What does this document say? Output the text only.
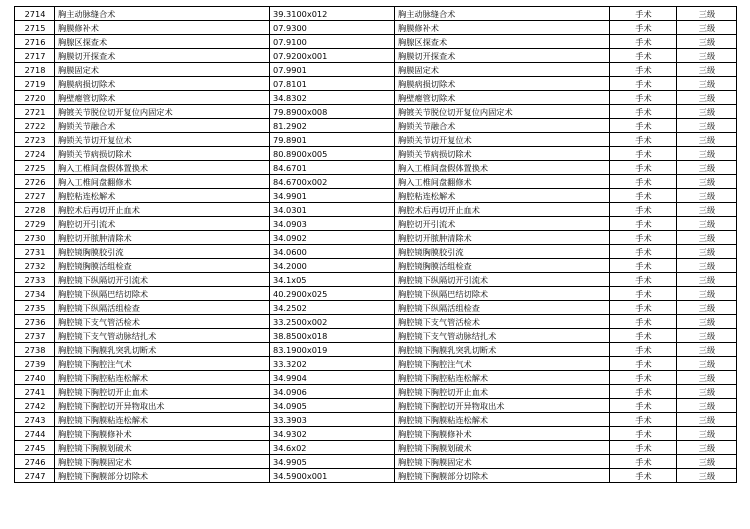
2714	胸主动脉缝合术	39.3100x012	胸主动脉缝合术	手术	三级
2715	胸膜修补术	07.9300	胸膜修补术	手术	三级
2716	胸腺区探查术	07.9100	胸腺区探查术	手术	三级
2717	胸膜切开探查术	07.9200x001	胸膜切开探查术	手术	三级
2718	胸膜固定术	07.9901	胸膜固定术	手术	三级
2719	胸膜病损切除术	07.8101	胸膜病损切除术	手术	三级
2720	胸壁瘪管切除术	34.8302	胸壁瘪管切除术	手术	三级
2721	胸镀关节脱位切开复位内固定术	79.8900x008	胸镀关节脱位切开复位内固定术	手术	三级
2722	胸锁关节融合术	81.2902	胸锁关节融合术	手术	三级
2723	胸锁关节切开复位术	79.8901	胸锁关节切开复位术	手术	三级
2724	胸锁关节病损切除术	80.8900x005	胸锁关节病损切除术	手术	三级
2725	胸入工椎间盘假体置换术	84.6701	胸入工椎间盘假体置换术	手术	三级
2726	胸入工椎间盘翻修术	84.6700x002	胸入工椎间盘翻修术	手术	三级
2727	胸腔粘连松解术	34.9901	胸腔粘连松解术	手术	三级
2728	胸腔术后再切开止血术	34.0301	胸腔术后再切开止血术	手术	三级
2729	胸腔切开引流术	34.0903	胸腔切开引流术	手术	三级
2730	胸腔切开脓肿清除术	34.0902	胸腔切开脓肿清除术	手术	三级
2731	胸腔镜胸膜胶引流	34.0600	胸腔镜胸膜胶引流	手术	三级
2732	胸腔镜胸膜活组检查	34.2000	胸腔镜胸膜活组检查	手术	三级
2733	胸腔镜下纵隔切开引流术	34.1x05	胸腔镜下纵隔切开引流术	手术	三级
2734	胸腔镜下纵隔巴结切除术	40.2900x025	胸腔镜下纵隔巴结切除术	手术	三级
2735	胸腔镜下纵隔活组检查	34.2502	胸腔镜下纵隔活组检查	手术	三级
2736	胸腔镜下支气管活检术	33.2500x002	胸腔镜下支气管活检术	手术	三级
2737	胸腔镜下支气管动脉结扎术	38.8500x018	胸腔镜下支气管动脉结扎术	手术	三级
2738	胸腔镜下胸膜乳突乳切断术	83.1900x019	胸腔镜下胸膜乳突乳切断术	手术	三级
2739	胸腔镜下胸腔注气术	33.3202	胸腔镜下胸腔注气术	手术	三级
2740	胸腔镜下胸腔粘连松解术	34.9904	胸腔镜下胸腔粘连松解术	手术	三级
2741	胸腔镜下胸腔切开止血术	34.0906	胸腔镜下胸腔切开止血术	手术	三级
2742	胸腔镜下胸腔切开异物取出术	34.0905	胸腔镜下胸腔切开异物取出术	手术	三级
2743	胸腔镜下胸膜粘连松解术	33.3903	胸腔镜下胸膜粘连松解术	手术	三级
2744	胸腔镜下胸膜修补术	34.9302	胸腔镜下胸膜修补术	手术	三级
2745	胸腔镜下胸膜划破术	34.6x02	胸腔镜下胸膜划破术	手术	三级
2746	胸腔镜下胸膜固定术	34.9905	胸腔镜下胸膜固定术	手术	三级
2747	胸腔镜下胸膜部分切除术	34.5900x001	胸腔镜下胸膜部分切除术	手术	三级
